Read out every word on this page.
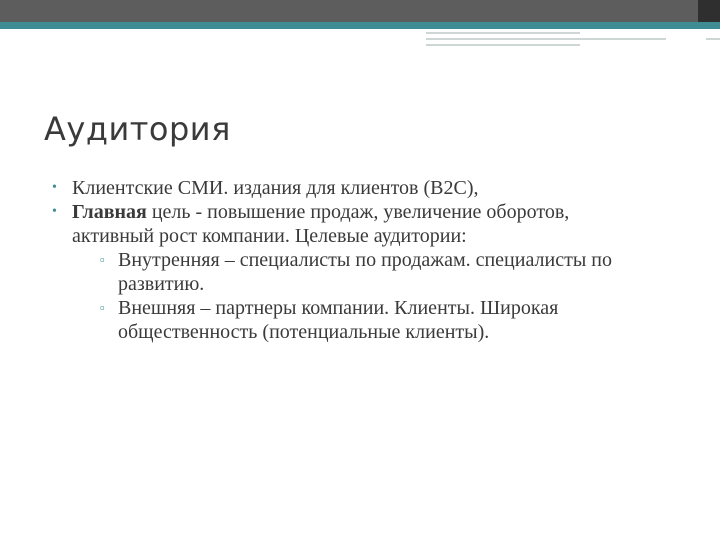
Аудитория
• Клиентские СМИ. издания для клиентов (В2С),
• Главная цель - повышение продаж, увеличение оборотов, активный рост компании. Целевые аудитории:
▫ Внутренняя – специалисты по продажам. специалисты по развитию.
▫ Внешняя – партнеры компании. Клиенты. Широкая общественность (потенциальные клиенты).
